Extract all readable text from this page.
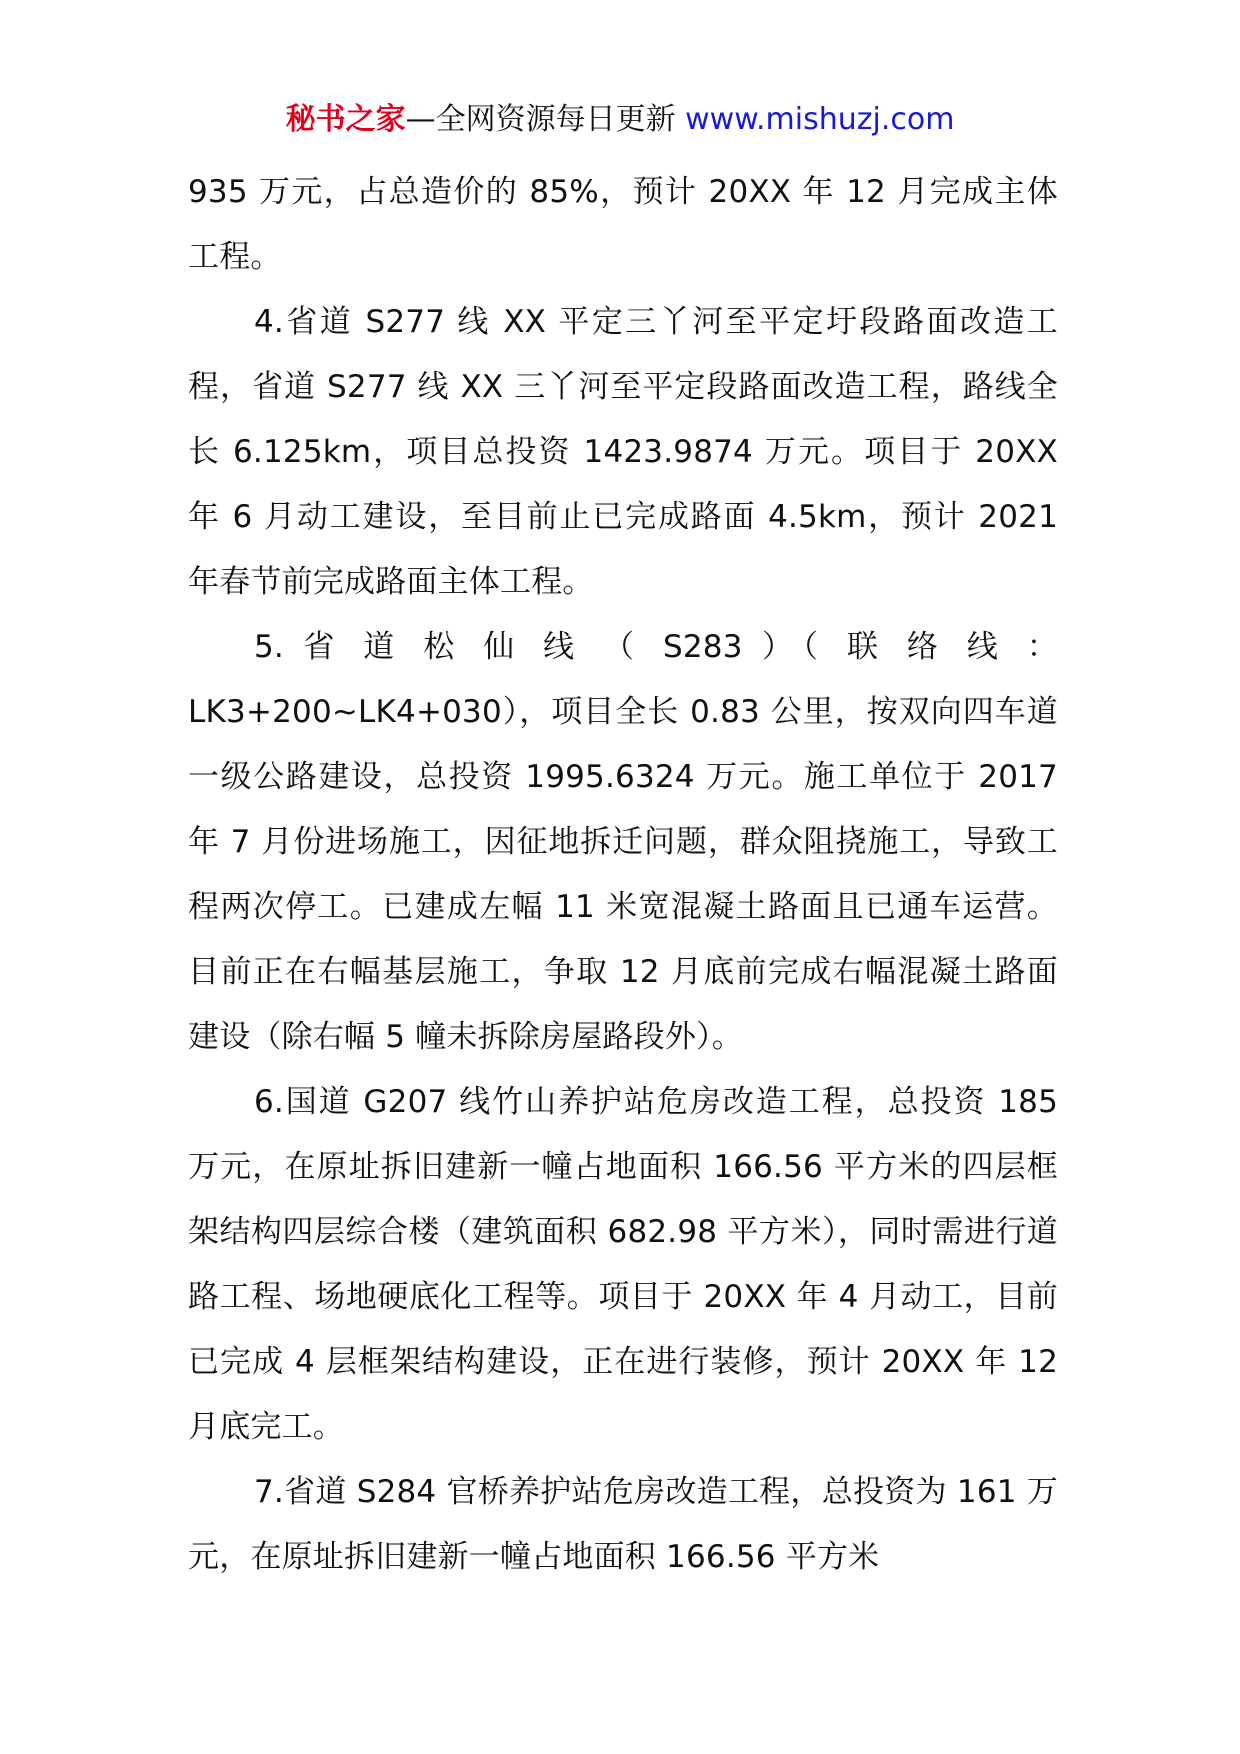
秘书之家—全网资源每日更新 www.mishuzj.com

935 万元，占总造价的 85%，预计 20XX 年 12 月完成主体工程。

4.省道 S277 线 XX 平定三丫河至平定圩段路面改造工程，省道 S277 线 XX 三丫河至平定段路面改造工程，路线全长 6.125km，项目总投资 1423.9874 万元。项目于 20XX 年 6 月动工建设，至目前止已完成路面 4.5km，预计 2021 年春节前完成路面主体工程。

5. 省 道 松 仙 线 （ S283 ）（ 联 络 线 ：
LK3+200~LK4+030），项目全长 0.83 公里，按双向四车道一级公路建设，总投资 1995.6324 万元。施工单位于 2017 年 7 月份进场施工，因征地拆迁问题，群众阻挠施工，导致工程两次停工。已建成左幅 11 米宽混凝土路面且已通车运营。目前正在右幅基层施工，争取 12 月底前完成右幅混凝土路面建设（除右幅 5 幢未拆除房屋路段外）。

6.国道 G207 线竹山养护站危房改造工程，总投资 185 万元，在原址拆旧建新一幢占地面积 166.56 平方米的四层框架结构四层综合楼（建筑面积 682.98 平方米），同时需进行道路工程、场地硬底化工程等。项目于 20XX 年 4 月动工，目前已完成 4 层框架结构建设，正在进行装修，预计 20XX 年 12 月底完工。

7.省道 S284 官桥养护站危房改造工程，总投资为 161 万元，在原址拆旧建新一幢占地面积 166.56 平方米
